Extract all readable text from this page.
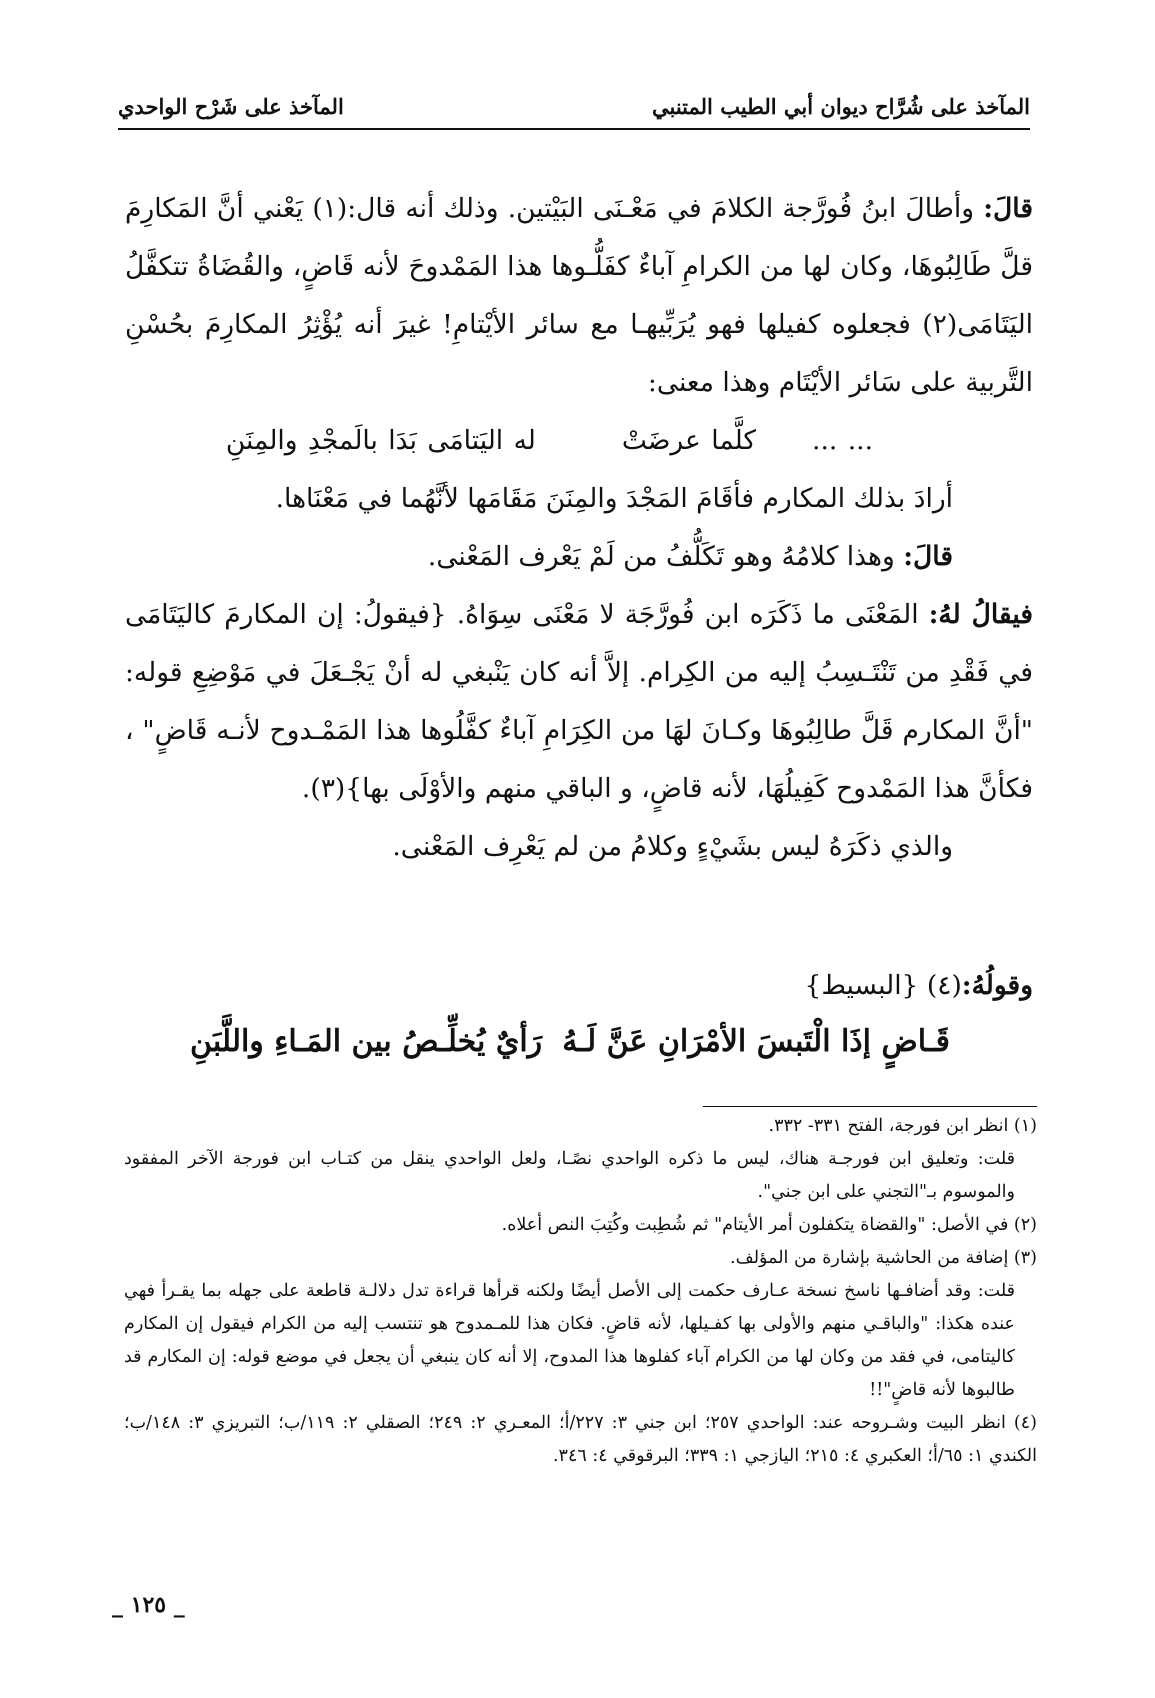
المآخذ على شُرَّاح ديوان أبي الطيب المتنبي
المآخذ على شَرْح الواحدي

قالَ: وأطالَ ابنُ فُورَّجة الكلامَ في مَعْـنَى البَيْتين. وذلك أنه قال:(١) يَعْني أنَّ المَكارِمَ قلَّ طَالِبُوهَا، وكان لها من الكرامِ آباءٌ كفَلُّـوها هذا المَمْدوحَ لأنه قَاضٍ، والقُضَاةُ تتكفَّلُ اليَتَامَى(٢) فجعلوه كفيلها فهو يُرَبِّيهـا مع سائر الأيْتامِ! غيرَ أنه يُؤْثِرُ المكارِمَ بحُسْنِ التَّربية على سَائر الأيْتَام وهذا معنى:

... ...كلَّما عرضَتْله اليَتامَى بَدَا بالَمجْدِ والمِنَنِ

أرادَ بذلك المكارم فأقَامَ المَجْدَ والمِنَنَ مَقَامَها لأنَّهُما في مَعْنَاها.

قالَ: وهذا كلامُهُ وهو تَكَلُّفُ من لَمْ يَعْرف المَعْنى.

فيقالُ لهُ: المَعْنَى ما ذَكَرَه ابن فُورَّجَة لا مَعْنَى سِوَاهُ. {فيقولُ: إن المكارمَ كاليَتَامَى في فَقْدِ من تَنْتَـسِبُ إليه من الكِرام. إلاَّ أنه كان يَنْبغي له أنْ يَجْـعَلَ في مَوْضِعِ قوله: "أنَّ المكارم قَلَّ طالِبُوهَا وكـانَ لهَا من الكِرَامِ آباءٌ كفَّلُوها هذا المَمْـدوح لأنـه قَاضٍ" ، فكأنَّ هذا المَمْدوح كَفِيلُهَا، لأنه قاضٍ، و الباقي منهم والأوْلَى بها}(٣).

والذي ذكَرَهُ ليس بشَيْءٍ وكلامُ من لم يَعْرِف المَعْنى.

وقولُهُ:(٤) {البسيط}
قَـاضٍ إذَا الْتَبسَ الأمْرَانِ عَنَّ لَـهُ
رَأيٌ يُخلِّـصُ بين المَـاءِ واللَّبَنِ

(١) انظر ابن فورجة، الفتح ٣٣١- ٣٣٢.

قلت: وتعليق ابن فورجـة هناك، ليس ما ذكره الواحدي نصًـا، ولعل الواحدي ينقل من كتـاب ابن فورجة الآخر المفقود والموسوم بـ"التجني على ابن جني".

(٢) في الأصل: "والقضاة يتكفلون أمر الأيتام" ثم شُطِبت وكُتِبَ النص أعلاه.

(٣) إضافة من الحاشية بإشارة من المؤلف.

قلت: وقد أضافـها ناسخ نسخة عـارف حكمت إلى الأصل أيضًا ولكنه قرأها قراءة تدل دلالـة قاطعة على جهله بما يقـرأ فهي عنده هكذا: "والباقـي منهم والأولى بها كفـيلها، لأنه قاضٍ. فكان هذا للمـمدوح هو تنتسب إليه من الكرام فيقول إن المكارم كاليتامى، في فقد من وكان لها من الكرام آباء كفلوها هذا المدوح، إلا أنه كان ينبغي أن يجعل في موضع قوله: إن المكارم قد طالبوها لأنه قاضٍ"!!

(٤) انظر البيت وشـروحه عند: الواحدي ٢٥٧؛ ابن جني ٣: ٢٢٧/أ؛ المعـري ٢: ٢٤٩؛ الصقلي ٢: ١١٩/ب؛ التبريزي ٣: ١٤٨/ب؛ الكندي ١: ٦٥/أ؛ العكبري ٤: ٢١٥؛ اليازجي ١: ٣٣٩؛ البرقوقي ٤: ٣٤٦.

_ ١٢٥ _
